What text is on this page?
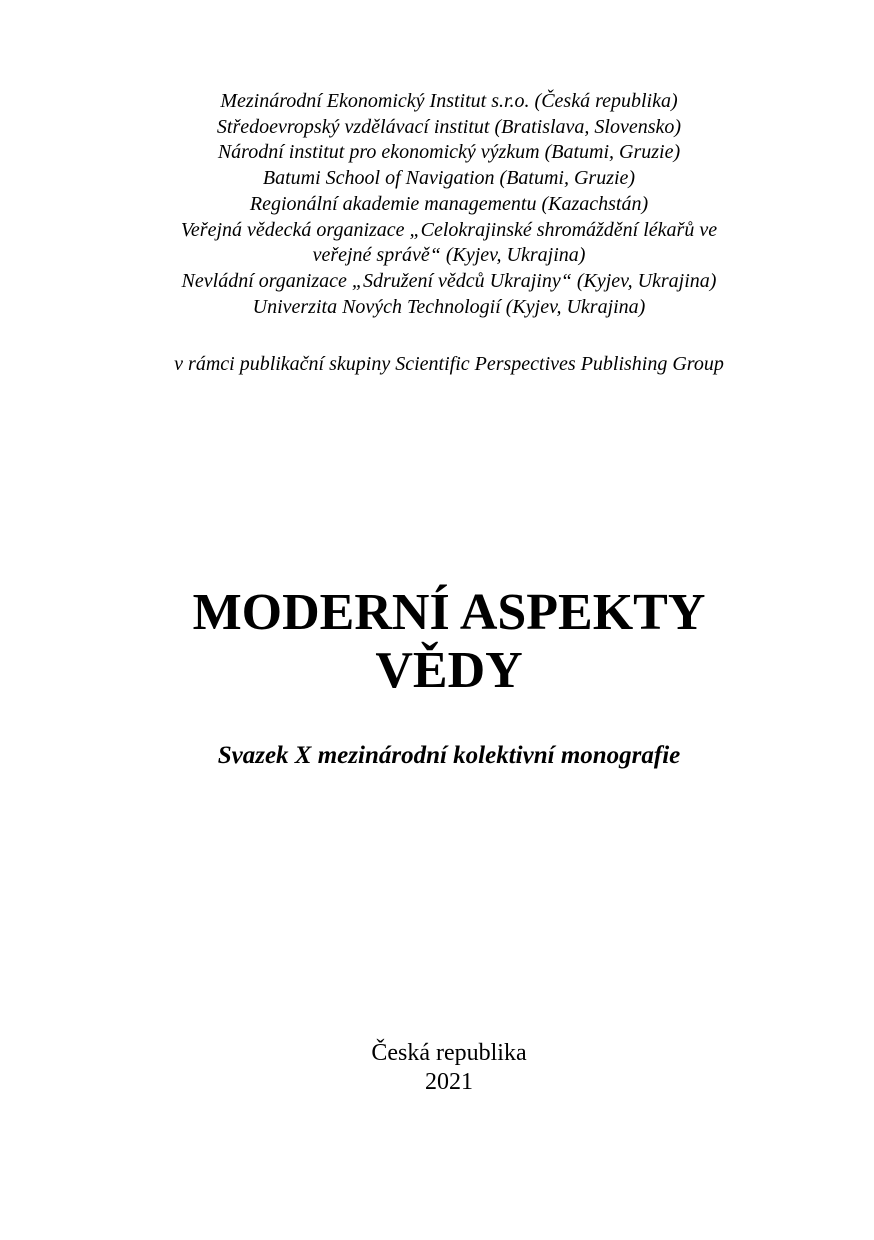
Mezinárodní Ekonomický Institut s.r.o. (Česká republika)
Středoevropský vzdělávací institut (Bratislava, Slovensko)
Národní institut pro ekonomický výzkum (Batumi, Gruzie)
Batumi School of Navigation (Batumi, Gruzie)
Regionální akademie managementu (Kazachstán)
Veřejná vědecká organizace „Celokrajinské shromáždění lékařů ve
veřejné správě“ (Kyjev, Ukrajina)
Nevládní organizace „Sdružení vědců Ukrajiny“ (Kyjev, Ukrajina)
Univerzita Nových Technologií (Kyjev, Ukrajina)
v rámci publikační skupiny Scientific Perspectives Publishing Group
MODERNÍ ASPEKTY
VĚDY
Svazek X mezinárodní kolektivní monografie
Česká republika
2021
